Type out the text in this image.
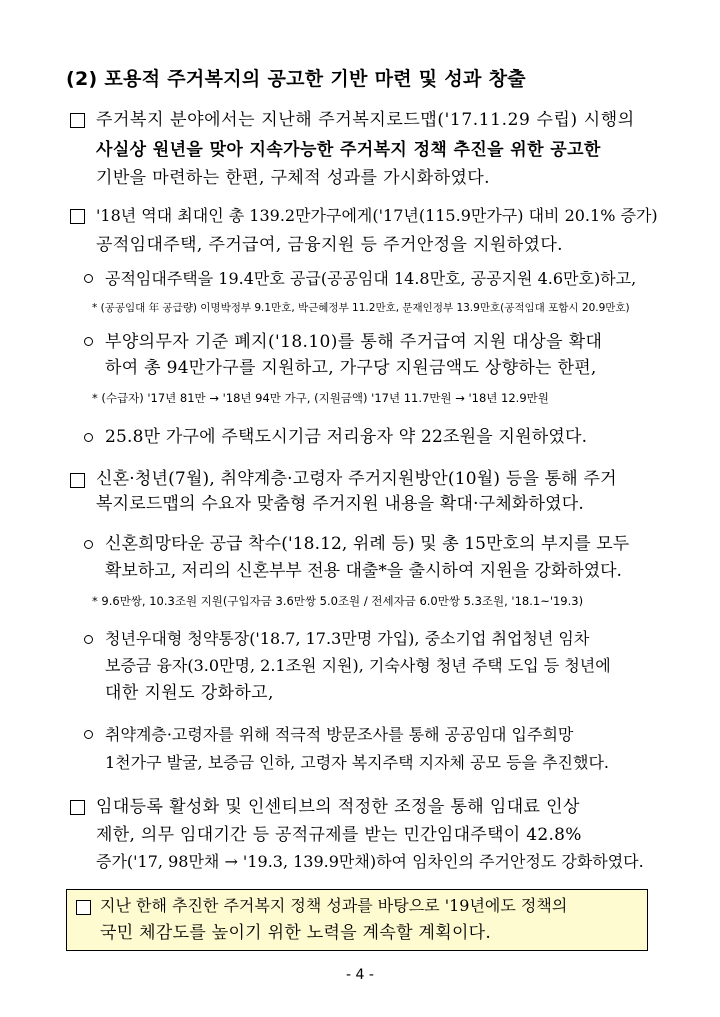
(2) 포용적 주거복지의 공고한 기반 마련 및 성과 창출
주거복지 분야에서는 지난해 주거복지로드맵('17.11.29 수립) 시행의
사실상 원년을 맞아 지속가능한 주거복지 정책 추진을 위한 공고한
기반을 마련하는 한편, 구체적 성과를 가시화하였다.
'18년 역대 최대인 총 139.2만가구에게('17년(115.9만가구) 대비 20.1% 증가)
공적임대주택, 주거급여, 금융지원 등 주거안정을 지원하였다.
공적임대주택을 19.4만호 공급(공공임대 14.8만호, 공공지원 4.6만호)하고,
* (공공임대 年 공급량) 이명박정부 9.1만호, 박근혜정부 11.2만호, 문재인정부 13.9만호(공적임대 포함시 20.9만호)
부양의무자 기준 폐지('18.10)를 통해 주거급여 지원 대상을 확대
하여 총 94만가구를 지원하고, 가구당 지원금액도 상향하는 한편,
* (수급자) '17년 81만 → '18년 94만 가구, (지원금액) '17년 11.7만원 → '18년 12.9만원
25.8만 가구에 주택도시기금 저리융자 약 22조원을 지원하였다.
신혼·청년(7월), 취약계층·고령자 주거지원방안(10월) 등을 통해 주거
복지로드맵의 수요자 맞춤형 주거지원 내용을 확대·구체화하였다.
신혼희망타운 공급 착수('18.12, 위례 등) 및 총 15만호의 부지를 모두
확보하고, 저리의 신혼부부 전용 대출*을 출시하여 지원을 강화하였다.
* 9.6만쌍, 10.3조원 지원(구입자금 3.6만쌍 5.0조원 / 전세자금 6.0만쌍 5.3조원, '18.1~'19.3)
청년우대형 청약통장('18.7, 17.3만명 가입), 중소기업 취업청년 임차
보증금 융자(3.0만명, 2.1조원 지원), 기숙사형 청년 주택 도입 등 청년에
대한 지원도 강화하고,
취약계층·고령자를 위해 적극적 방문조사를 통해 공공임대 입주희망
1천가구 발굴, 보증금 인하, 고령자 복지주택 지자체 공모 등을 추진했다.
임대등록 활성화 및 인센티브의 적정한 조정을 통해 임대료 인상
제한, 의무 임대기간 등 공적규제를 받는 민간임대주택이 42.8%
증가('17, 98만채 → '19.3, 139.9만채)하여 임차인의 주거안정도 강화하였다.
지난 한해 추진한 주거복지 정책 성과를 바탕으로 '19년에도 정책의
국민 체감도를 높이기 위한 노력을 계속할 계획이다.
- 4 -
